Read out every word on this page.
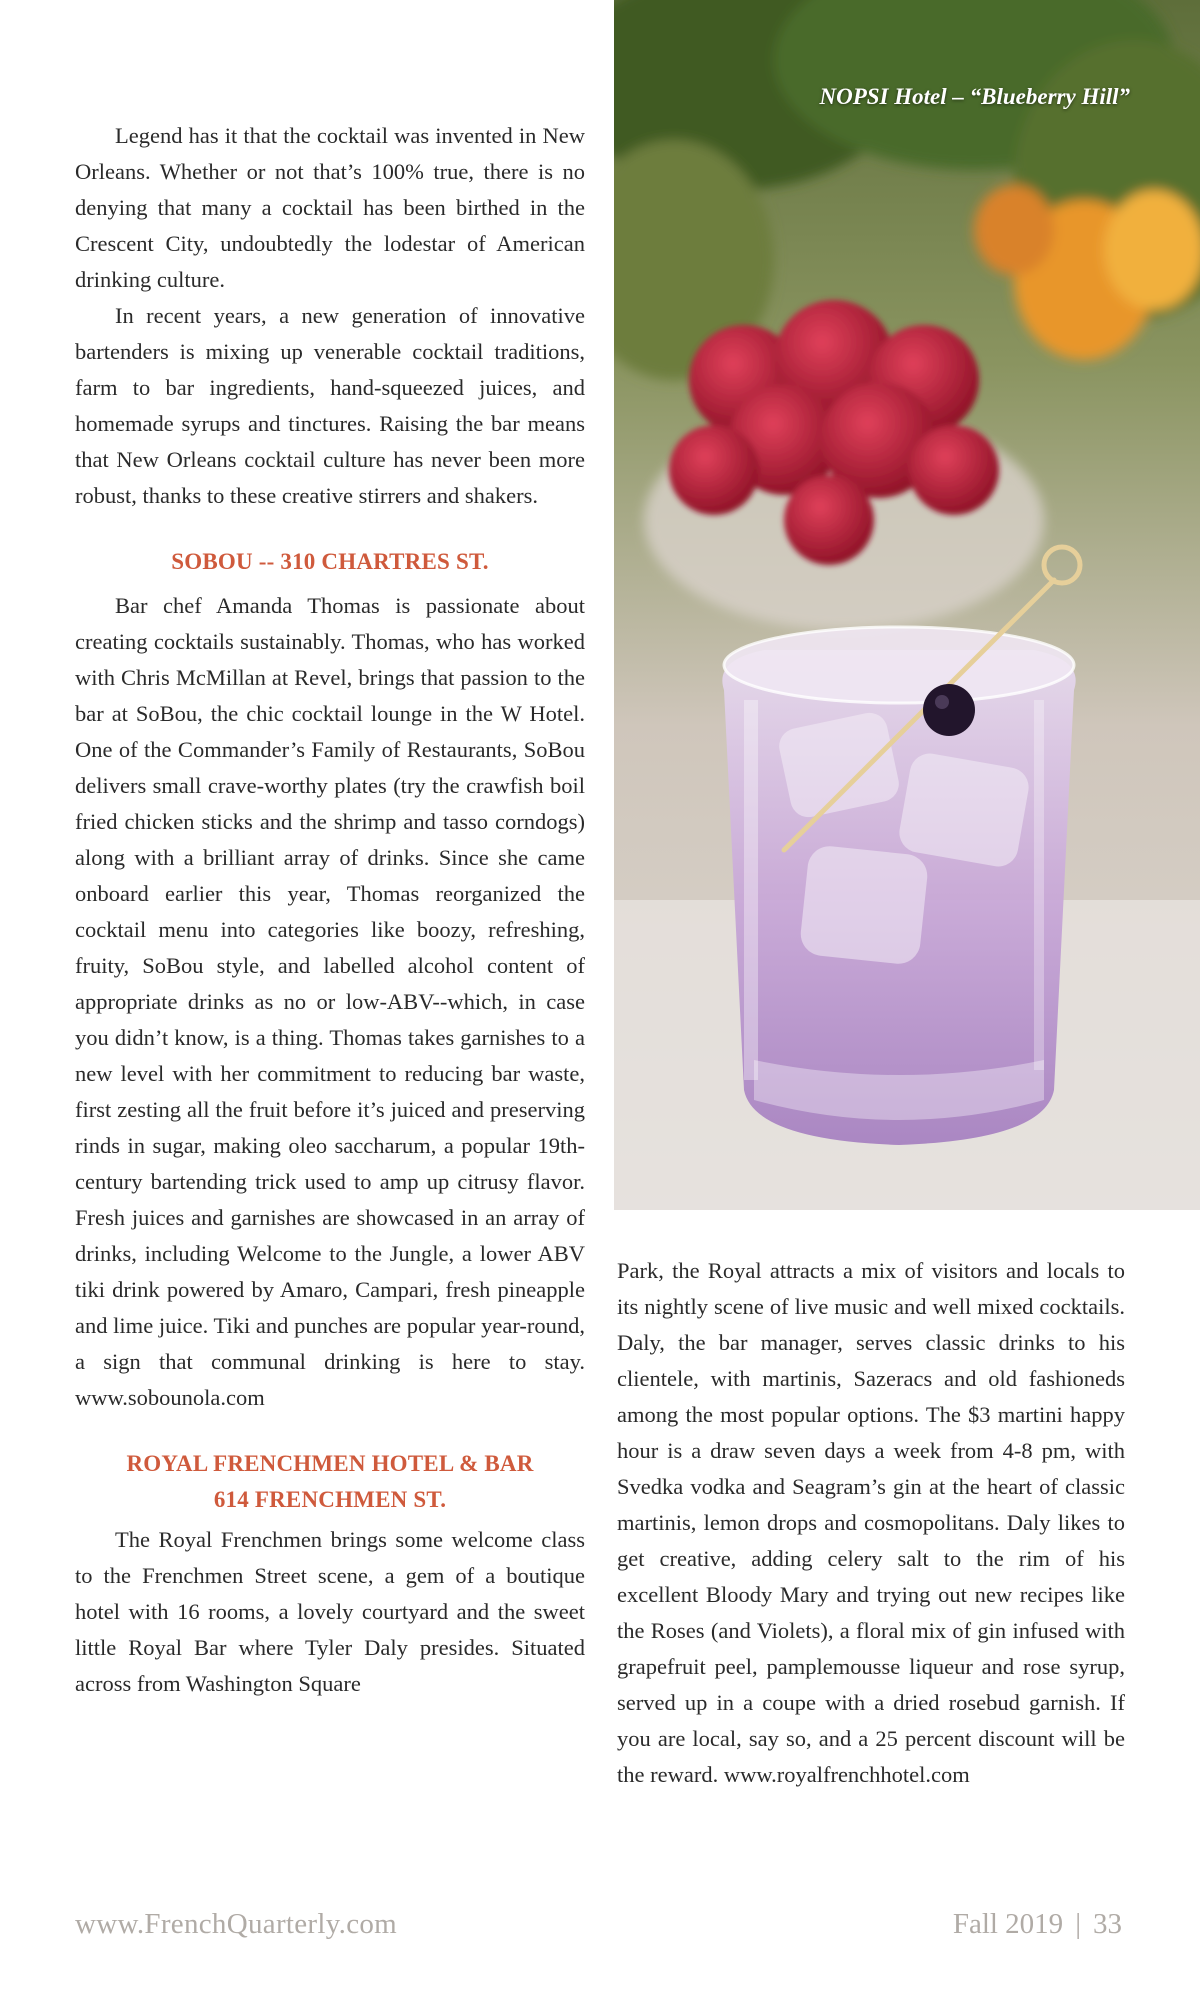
NOPSI Hotel – “Blueberry Hill”

Legend has it that the cocktail was invented in New Orleans. Whether or not that’s 100% true, there is no denying that many a cocktail has been birthed in the Crescent City, undoubtedly the lodestar of American drinking culture.

In recent years, a new generation of innovative bartenders is mixing up venerable cocktail traditions, farm to bar ingredients, hand-squeezed juices, and homemade syrups and tinctures. Raising the bar means that New Orleans cocktail culture has never been more robust, thanks to these creative stirrers and shakers.

SOBOU -- 310 CHARTRES ST.

Bar chef Amanda Thomas is passionate about creating cocktails sustainably. Thomas, who has worked with Chris McMillan at Revel, brings that passion to the bar at SoBou, the chic cocktail lounge in the W Hotel. One of the Commander’s Family of Restaurants, SoBou delivers small crave-worthy plates (try the crawfish boil fried chicken sticks and the shrimp and tasso corndogs) along with a brilliant array of drinks. Since she came onboard earlier this year, Thomas reorganized the cocktail menu into categories like boozy, refreshing, fruity, SoBou style, and labelled alcohol content of appropriate drinks as no or low-ABV--which, in case you didn’t know, is a thing. Thomas takes garnishes to a new level with her commitment to reducing bar waste, first zesting all the fruit before it’s juiced and preserving rinds in sugar, making oleo saccharum, a popular 19th-century bartending trick used to amp up citrusy flavor. Fresh juices and garnishes are showcased in an array of drinks, including Welcome to the Jungle, a lower ABV tiki drink powered by Amaro, Campari, fresh pineapple and lime juice. Tiki and punches are popular year-round, a sign that communal drinking is here to stay. www.sobounola.com

ROYAL FRENCHMEN HOTEL & BAR
614 FRENCHMEN ST.

The Royal Frenchmen brings some welcome class to the Frenchmen Street scene, a gem of a boutique hotel with 16 rooms, a lovely courtyard and the sweet little Royal Bar where Tyler Daly presides. Situated across from Washington Square

Park, the Royal attracts a mix of visitors and locals to its nightly scene of live music and well mixed cocktails. Daly, the bar manager, serves classic drinks to his clientele, with martinis, Sazeracs and old fashioneds among the most popular options. The $3 martini happy hour is a draw seven days a week from 4-8 pm, with Svedka vodka and Seagram’s gin at the heart of classic martinis, lemon drops and cosmopolitans. Daly likes to get creative, adding celery salt to the rim of his excellent Bloody Mary and trying out new recipes like the Roses (and Violets), a floral mix of gin infused with grapefruit peel, pamplemousse liqueur and rose syrup, served up in a coupe with a dried rosebud garnish. If you are local, say so, and a 25 percent discount will be the reward. www.royalfrenchhotel.com

www.FrenchQuarterly.com	Fall 2019 | 33
